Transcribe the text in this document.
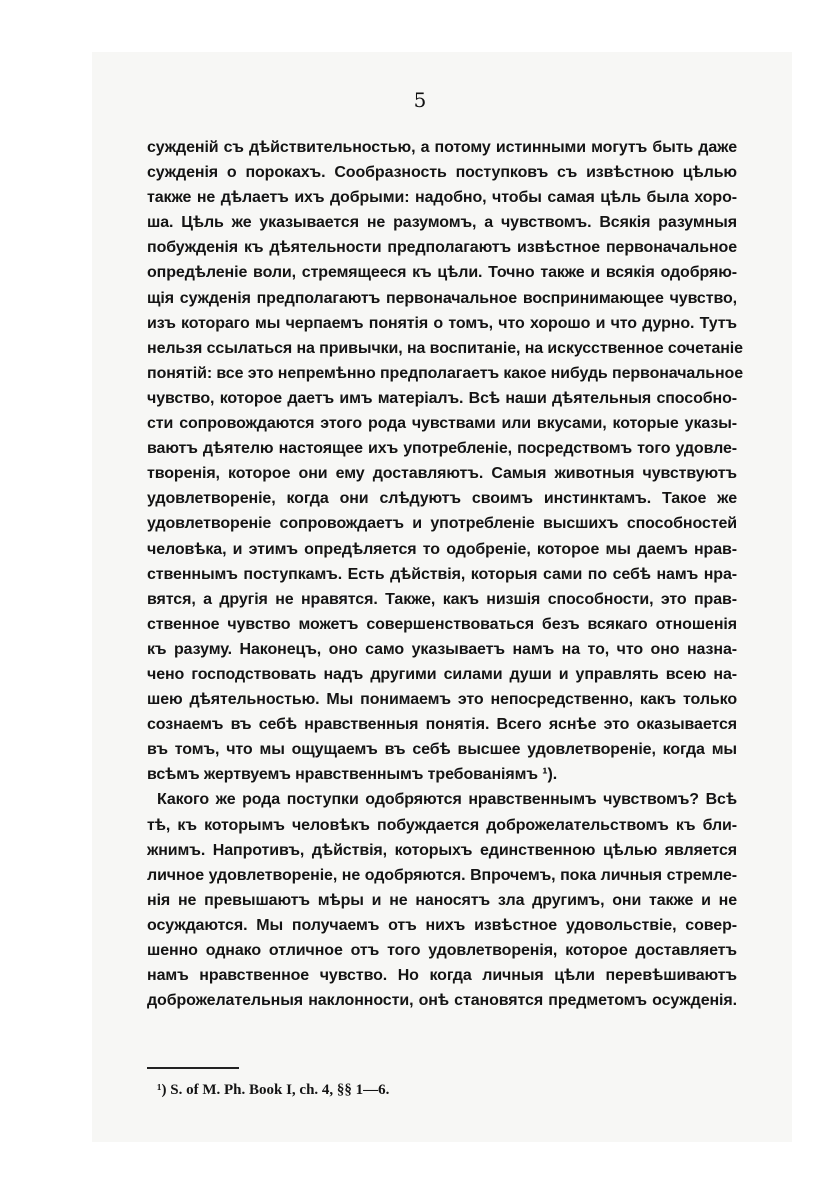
5
сужденій съ дѣйствительностью, а потому истинными могутъ быть даже
сужденія о порокахъ. Сообразность поступковъ съ извѣстною цѣлью
также не дѣлаетъ ихъ добрыми: надобно, чтобы самая цѣль была хоро-
ша. Цѣль же указывается не разумомъ, а чувствомъ. Всякія разумныя
побужденія къ дѣятельности предполагаютъ извѣстное первоначальное
опредѣленіе воли, стремящееся къ цѣли. Точно также и всякія одобряю-
щія сужденія предполагаютъ первоначальное воспринимающее чувство,
изъ котораго мы черпаемъ понятія о томъ, что хорошо и что дурно. Тутъ
нельзя ссылаться на привычки, на воспитаніе, на искусственное сочетаніе
понятій: все это непремѣнно предполагаетъ какое нибудь первоначальное
чувство, которое даетъ имъ матеріалъ. Всѣ наши дѣятельныя способно-
сти сопровождаются этого рода чувствами или вкусами, которые указы-
ваютъ дѣятелю настоящее ихъ употребленіе, посредствомъ того удовле-
творенія, которое они ему доставляютъ. Самыя животныя чувствуютъ
удовлетвореніе, когда они слѣдуютъ своимъ инстинктамъ. Такое же
удовлетвореніе сопровождаетъ и употребленіе высшихъ способностей
человѣка, и этимъ опредѣляется то одобреніе, которое мы даемъ нрав-
ственнымъ поступкамъ. Есть дѣйствія, которыя сами по себѣ намъ нра-
вятся, а другія не нравятся. Также, какъ низшія способности, это прав-
ственное чувство можетъ совершенствоваться безъ всякаго отношенія
къ разуму. Наконецъ, оно само указываетъ намъ на то, что оно назна-
чено господствовать надъ другими силами души и управлять всею на-
шею дѣятельностью. Мы понимаемъ это непосредственно, какъ только
сознаемъ въ себѣ нравственныя понятія. Всего яснѣе это оказывается
въ томъ, что мы ощущаемъ въ себѣ высшее удовлетвореніе, когда мы
всѣмъ жертвуемъ нравственнымъ требованіямъ ¹).
Какого же рода поступки одобряются нравственнымъ чувствомъ? Всѣ
тѣ, къ которымъ человѣкъ побуждается доброжелательствомъ къ бли-
жнимъ. Напротивъ, дѣйствія, которыхъ единственною цѣлью является
личное удовлетвореніе, не одобряются. Впрочемъ, пока личныя стремле-
нія не превышаютъ мѣры и не наносятъ зла другимъ, они также и не
осуждаются. Мы получаемъ отъ нихъ извѣстное удовольствіе, совер-
шенно однако отличное отъ того удовлетворенія, которое доставляетъ
намъ нравственное чувство. Но когда личныя цѣли перевѣшиваютъ
доброжелательныя наклонности, онѣ становятся предметомъ осужденія.
¹) S. of M. Ph. Book I, ch. 4, §§ 1—6.
